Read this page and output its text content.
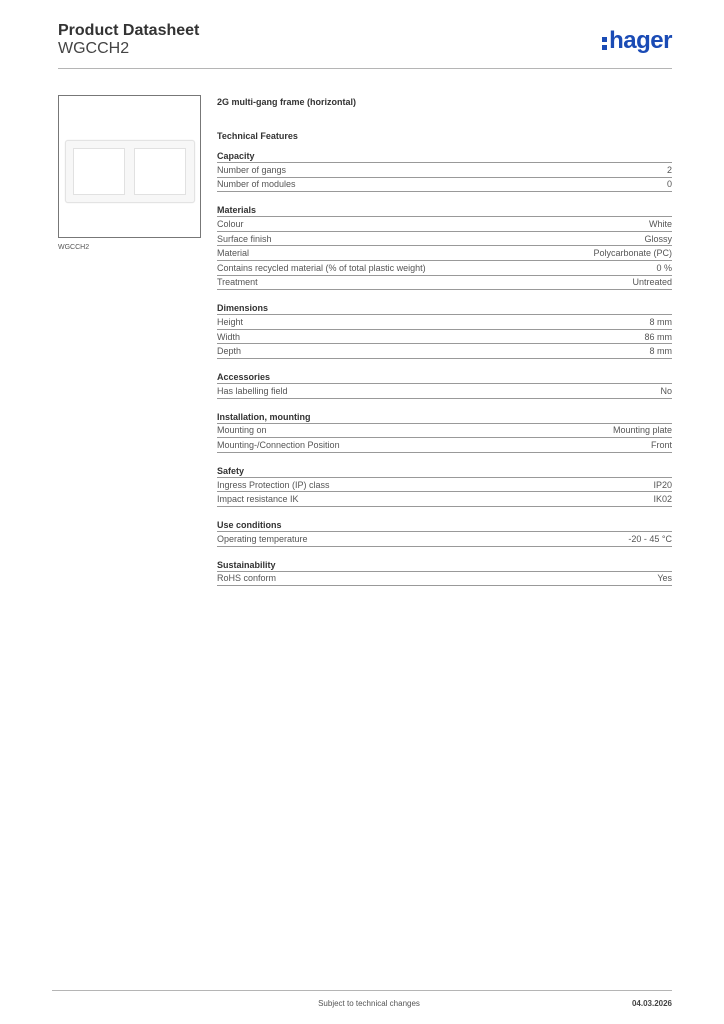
Product Datasheet
WGCCH2	hager
WGCCH2
2G multi-gang frame (horizontal)
Technical Features
Capacity
Number of gangs	2
Number of modules	0
Materials
Colour	White
Surface finish	Glossy
Material	Polycarbonate (PC)
Contains recycled material (% of total plastic weight)	0 %
Treatment	Untreated
Dimensions
Height	8 mm
Width	86 mm
Depth	8 mm
Accessories
Has labelling field	No
Installation, mounting
Mounting on	Mounting plate
Mounting-/Connection Position	Front
Safety
Ingress Protection (IP) class	IP20
Impact resistance IK	IK02
Use conditions
Operating temperature	-20 - 45 °C
Sustainability
RoHS conform	Yes
Subject to technical changes	04.03.2026
